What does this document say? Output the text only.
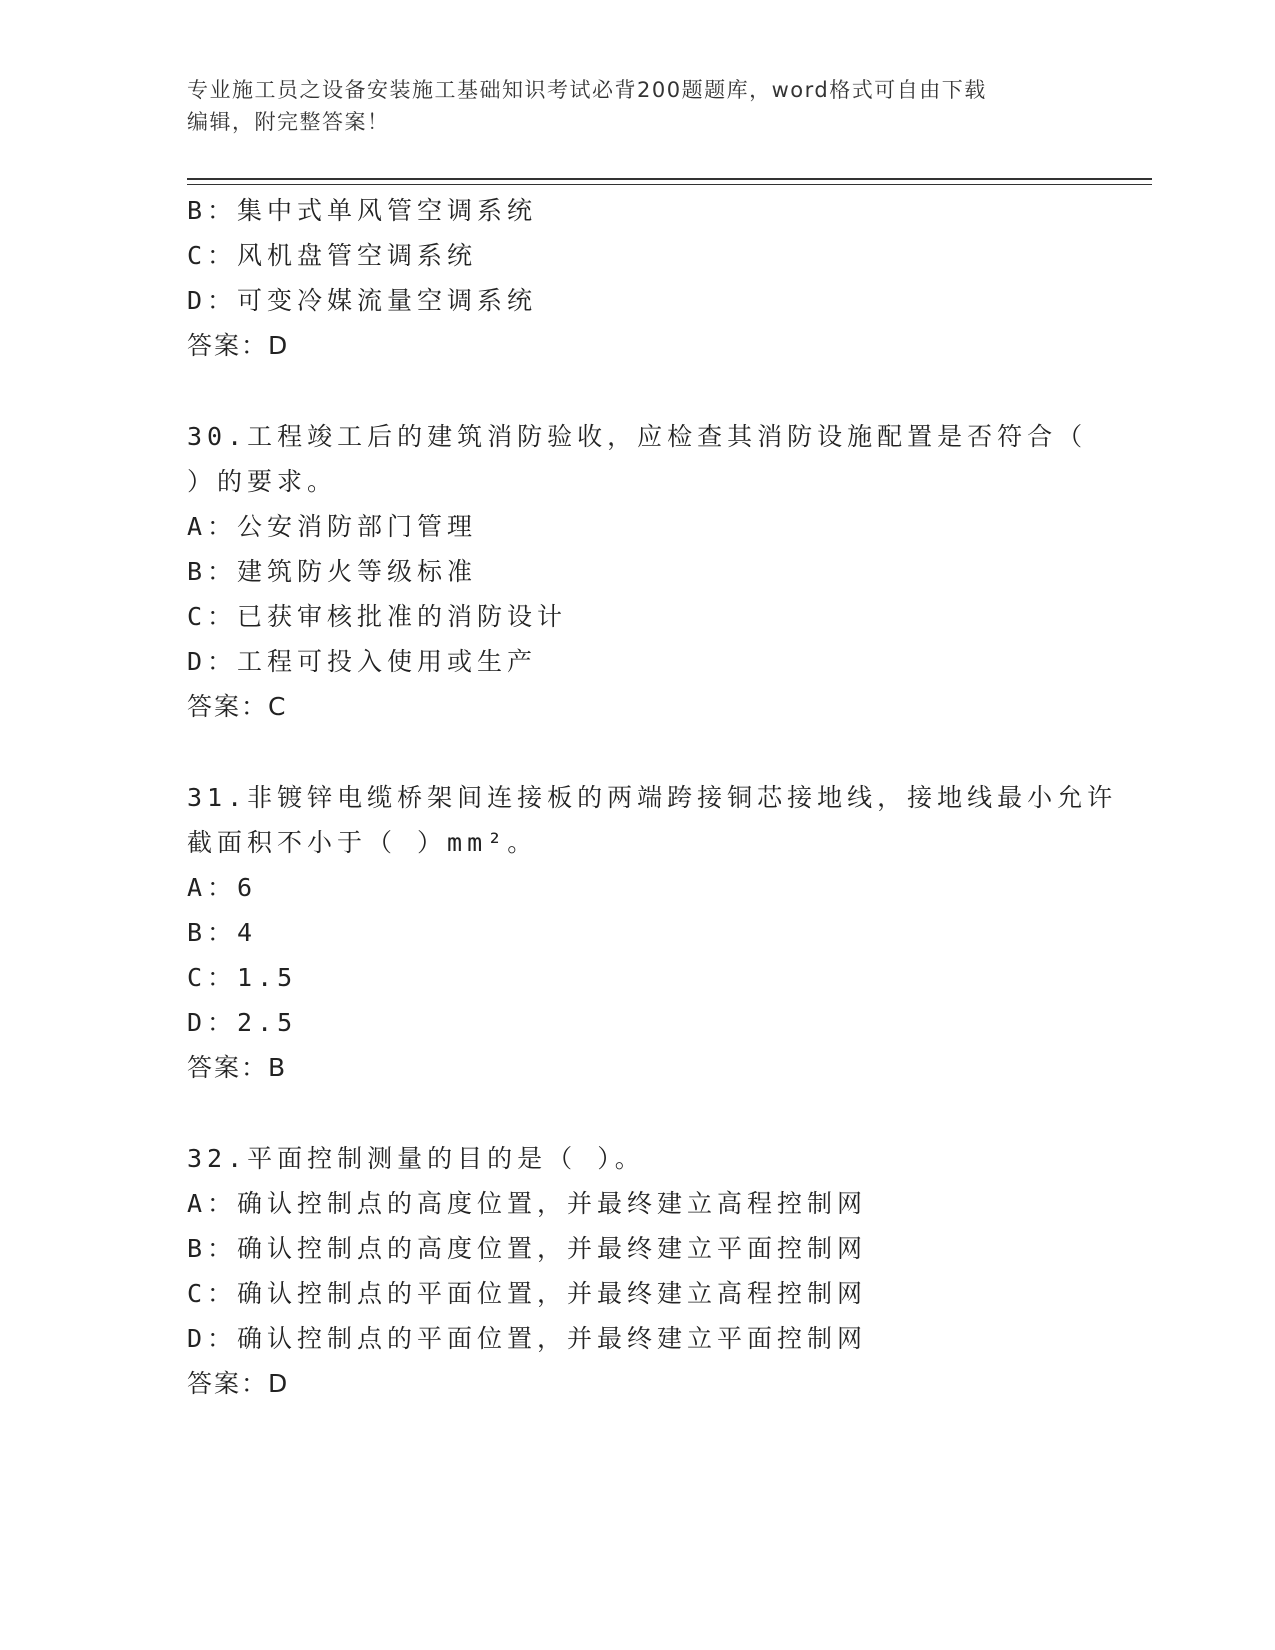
专业施工员之设备安装施工基础知识考试必背200题题库，word格式可自由下载
编辑，附完整答案！
B：集中式单风管空调系统
C：风机盘管空调系统
D：可变冷媒流量空调系统
答案：D
30.工程竣工后的建筑消防验收，应检查其消防设施配置是否符合（
）的要求。
A：公安消防部门管理
B：建筑防火等级标准
C：已获审核批准的消防设计
D：工程可投入使用或生产
答案：C
31.非镀锌电缆桥架间连接板的两端跨接铜芯接地线，接地线最小允许
截面积不小于（ ）mm²。
A：6
B：4
C：1.5
D：2.5
答案：B
32.平面控制测量的目的是（ ）。
A：确认控制点的高度位置，并最终建立高程控制网
B：确认控制点的高度位置，并最终建立平面控制网
C：确认控制点的平面位置，并最终建立高程控制网
D：确认控制点的平面位置，并最终建立平面控制网
答案：D
